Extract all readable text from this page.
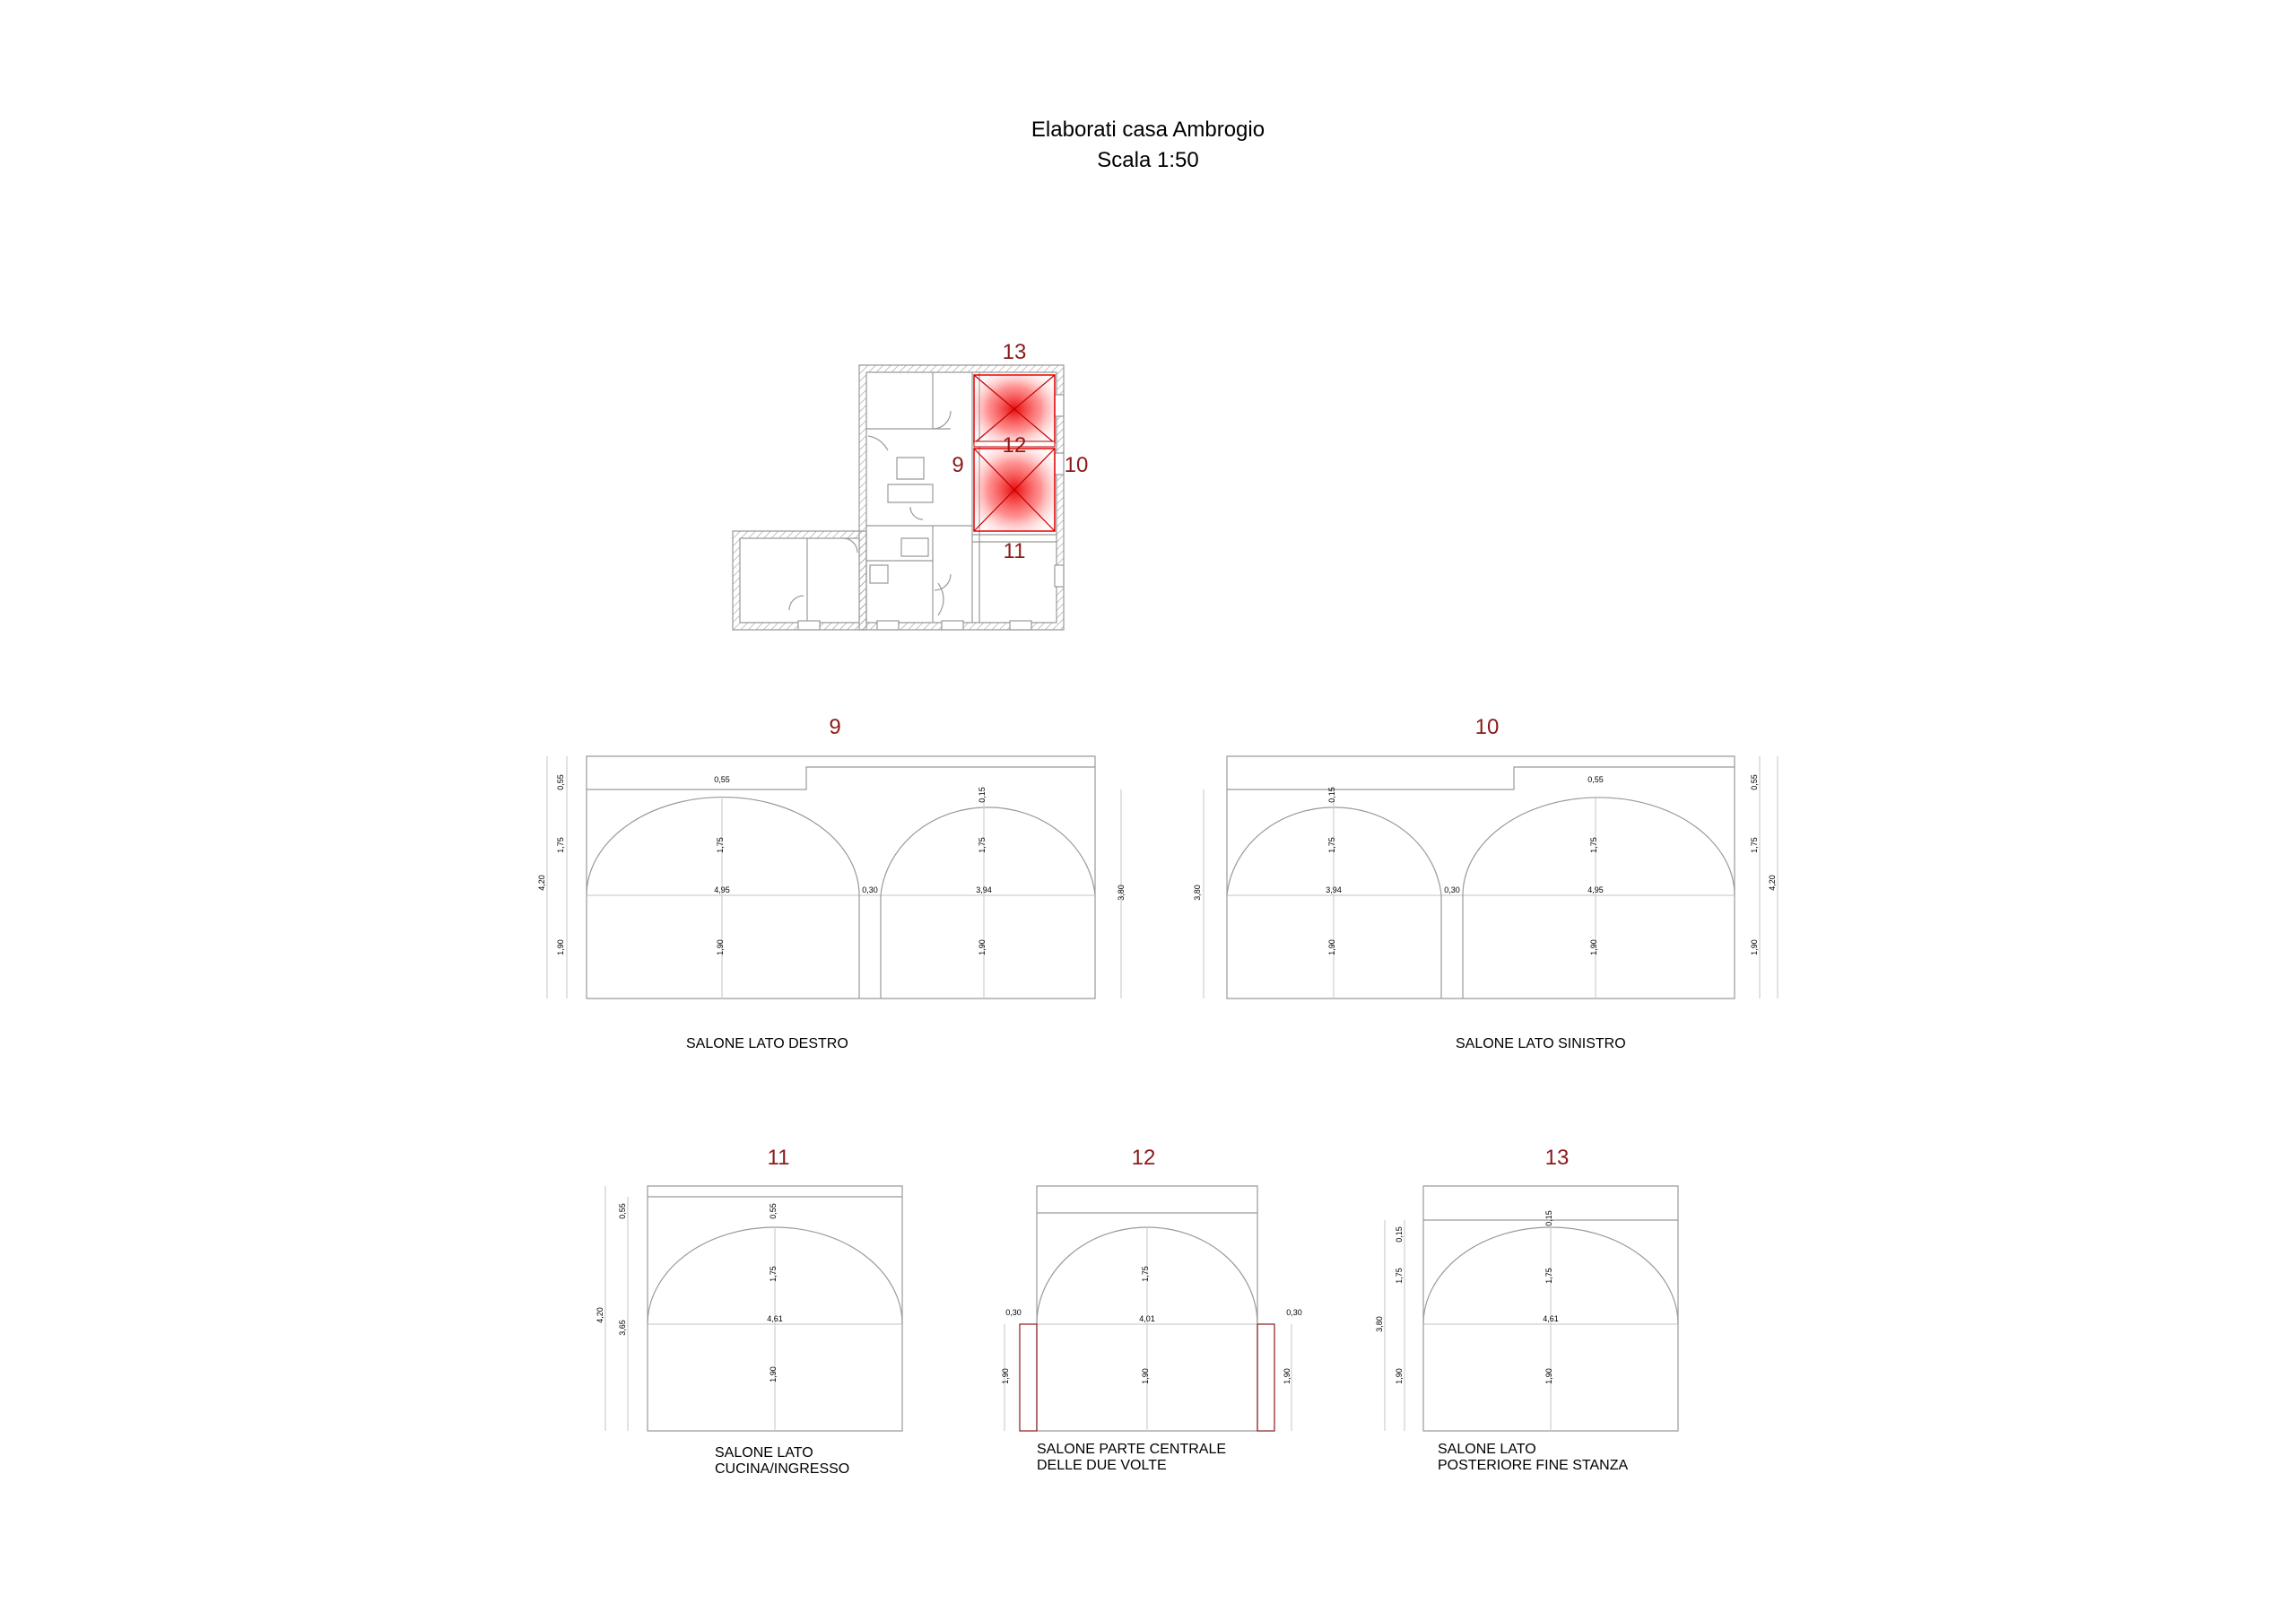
Elaborati casa Ambrogio
Scala 1:50
13
12
9	10
11
9
0,55
1,75
1,90
4,20
0,55
1,75
4,95
1,90
0,30
0,15
1,75
3,94
1,90
3,80
SALONE LATO DESTRO
10
3,80
0,15
1,75
3,94
1,90
0,30
0,55
1,75
4,95
1,90
0,55
1,75
1,90
4,20
SALONE LATO SINISTRO
11
0,55
4,20
3,65
0,55
1,75
4,61
1,90
SALONE LATO
CUCINA/INGRESSO
12
0,30
1,90
1,75
4,01
1,90
0,30
1,90
SALONE PARTE CENTRALE
DELLE DUE VOLTE
13
3,80
0,15
1,75
1,90
0,15
1,75
4,61
1,90
SALONE LATO
POSTERIORE FINE STANZA
